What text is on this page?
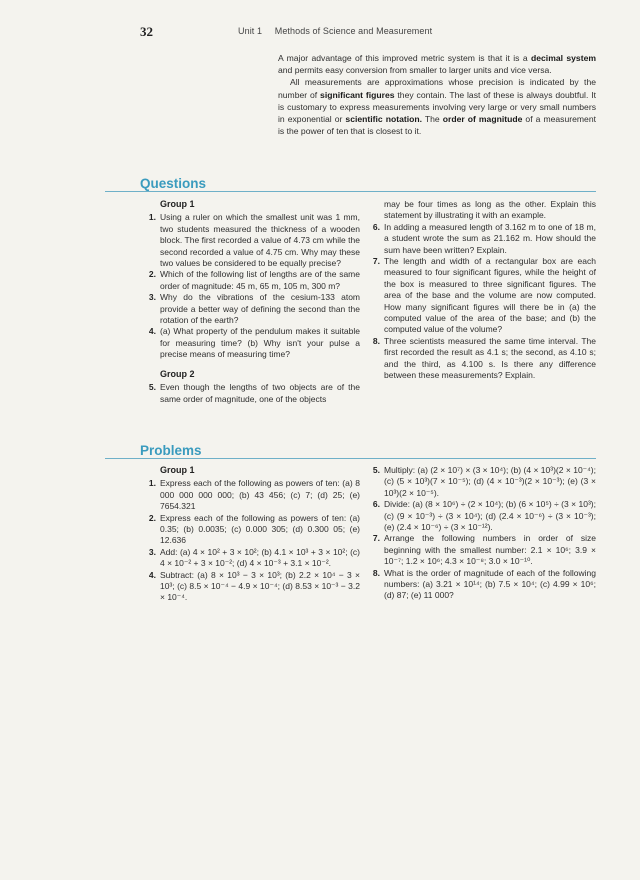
32	Unit 1 Methods of Science and Measurement

A major advantage of this improved metric system is that it is a decimal system and permits easy conversion from smaller to larger units and vice versa.

All measurements are approximations whose precision is indicated by the number of significant figures they contain. The last of these is always doubtful. It is customary to express measurements involving very large or very small numbers in exponential or scientific notation. The order of magnitude of a measurement is the power of ten that is closest to it.

Questions
Group 1
1. Using a ruler on which the smallest unit was 1 mm, two students measured the thickness of a wooden block. The first recorded a value of 4.73 cm while the second recorded a value of 4.75 cm. Why may these two values be considered to be equally precise?
2. Which of the following list of lengths are of the same order of magnitude: 45 m, 65 m, 105 m, 300 m?
3. Why do the vibrations of the cesium-133 atom provide a better way of defining the second than the rotation of the earth?
4. (a) What property of the pendulum makes it suitable for measuring time? (b) Why isn't your pulse a precise means of measuring time?
Group 2
5. Even though the lengths of two objects are of the same order of magnitude, one of the objects
may be four times as long as the other. Explain this statement by illustrating it with an example.
6. In adding a measured length of 3.162 m to one of 18 m, a student wrote the sum as 21.162 m. How should the sum have been written? Explain.
7. The length and width of a rectangular box are each measured to four significant figures, while the height of the box is measured to three significant figures. The area of the base and the volume are now computed. How many significant figures will there be in (a) the computed value of the area of the base; and (b) the computed value of the volume?
8. Three scientists measured the same time interval. The first recorded the result as 4.1 s; the second, as 4.10 s; and the third, as 4.100 s. Is there any difference between these measurements? Explain.
Problems
Group 1
1. Express each of the following as powers of ten: (a) 8 000 000 000 000; (b) 43 456; (c) 7; (d) 25; (e) 7654.321
2. Express each of the following as powers of ten: (a) 0.35; (b) 0.0035; (c) 0.000 305; (d) 0.300 05; (e) 12.636
3. Add: (a) 4 × 10² + 3 × 10²; (b) 4.1 × 10³ + 3 × 10²; (c) 4 × 10⁻² + 3 × 10⁻²; (d) 4 × 10⁻³ + 3.1 × 10⁻².
4. Subtract: (a) 8 × 10³ − 3 × 10³; (b) 2.2 × 10⁴ − 3 × 10³; (c) 8.5 × 10⁻⁴ − 4.9 × 10⁻⁴; (d) 8.53 × 10⁻³ − 3.2 × 10⁻⁴.
5. Multiply: (a) (2 × 10⁷) × (3 × 10⁴); (b) (4 × 10³)(2 × 10⁻⁴); (c) (5 × 10³)(7 × 10⁻⁵); (d) (4 × 10⁻³)(2 × 10⁻³); (e) (3 × 10³)(2 × 10⁻⁵).
6. Divide: (a) (8 × 10⁶) ÷ (2 × 10⁴); (b) (6 × 10⁵) ÷ (3 × 10³); (c) (9 × 10⁻³) ÷ (3 × 10⁴); (d) (2.4 × 10⁻⁶) ÷ (3 × 10⁻³); (e) (2.4 × 10⁻⁶) ÷ (3 × 10⁻¹²).
7. Arrange the following numbers in order of size beginning with the smallest number: 2.1 × 10⁶; 3.9 × 10⁻⁷; 1.2 × 10⁶; 4.3 × 10⁻⁸; 3.0 × 10⁻¹⁰.
8. What is the order of magnitude of each of the following numbers: (a) 3.21 × 10¹⁴; (b) 7.5 × 10⁴; (c) 4.99 × 10⁶; (d) 87; (e) 11 000?
